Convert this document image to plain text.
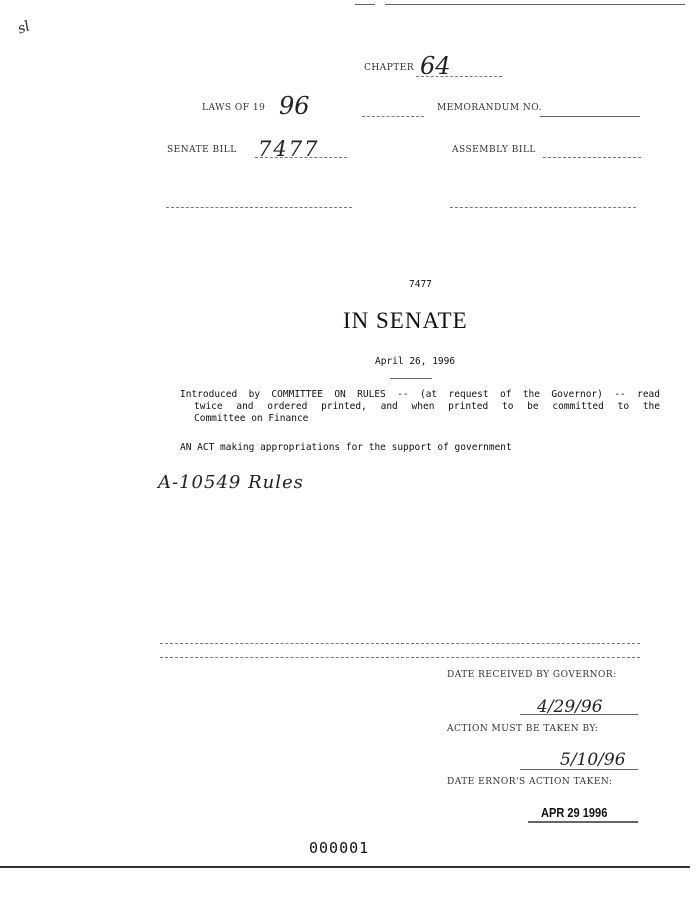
sl
CHAPTER 64
LAWS OF 19 96	MEMORANDUM NO.
SENATE BILL 7477	ASSEMBLY BILL
7477
IN SENATE
April 26, 1996
Introduced by COMMITTEE ON RULES -- (at request of the Governor) -- read
twice and ordered printed, and when printed to be committed to the
Committee on Finance
AN ACT making appropriations for the support of government
A-10549 Rules
DATE RECEIVED BY GOVERNOR:
4/29/96
ACTION MUST BE TAKEN BY:
5/10/96
DATE ERNOR'S ACTION TAKEN:
APR 29 1996
000001
